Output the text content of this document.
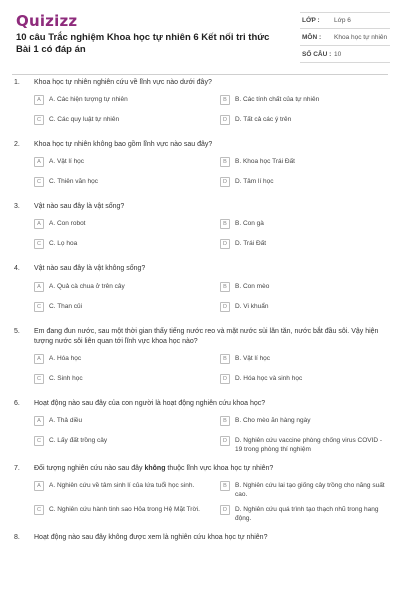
Quizizz
10 câu Trắc nghiệm Khoa học tự nhiên 6 Kết nối tri thức Bài 1 có đáp án
LỚP :	Lớp 6
MÔN :	Khoa học tự nhiên
SỐ CÂU : 10
1.	Khoa học tự nhiên nghiên cứu về lĩnh vực nào dưới đây?
A	A. Các hiện tượng tự nhiên	B	B. Các tính chất của tự nhiên
C	C. Các quy luật tự nhiên	D	D. Tất cả các ý trên
2.	Khoa học tự nhiên không bao gồm lĩnh vực nào sau đây?
A	A. Vật lí học	B	B. Khoa học Trái Đất
C	C. Thiên văn học	D	D. Tâm lí học
3.	Vật nào sau đây là vật sống?
A	A. Con robot	B	B. Con gà
C	C. Lọ hoa	D	D. Trái Đất
4.	Vật nào sau đây là vật không sống?
A	A. Quả cà chua ở trên cây	B	B. Con mèo
C	C. Than củi	D	D. Vi khuẩn
5.	Em đang đun nước, sau một thời gian thấy tiếng nước reo và mặt nước sủi lăn tăn, nước bắt đầu sôi. Vậy hiện tượng nước sôi liên quan tới lĩnh vực khoa học nào?
A	A. Hóa học	B	B. Vật lí học
C	C. Sinh học	D	D. Hóa học và sinh học
6.	Hoạt động nào sau đây của con người là hoạt động nghiên cứu khoa học?
A	A. Thả diều	B	B. Cho mèo ăn hàng ngày
C	C. Lấy đất trồng cây	D	D. Nghiên cứu vaccine phòng chống virus COVID - 19 trong phòng thí nghiệm
7.	Đối tượng nghiên cứu nào sau đây không thuộc lĩnh vực khoa học tự nhiên?
A	A. Nghiên cứu về tâm sinh lí của lứa tuổi học sinh.	B	B. Nghiên cứu lai tạo giống cây trồng cho năng suất cao.
C	C. Nghiên cứu hành tinh sao Hỏa trong Hệ Mặt Trời.	D	D. Nghiên cứu quá trình tạo thạch nhũ trong hang động.
8.	Hoạt động nào sau đây không được xem là nghiên cứu khoa học tự nhiên?
